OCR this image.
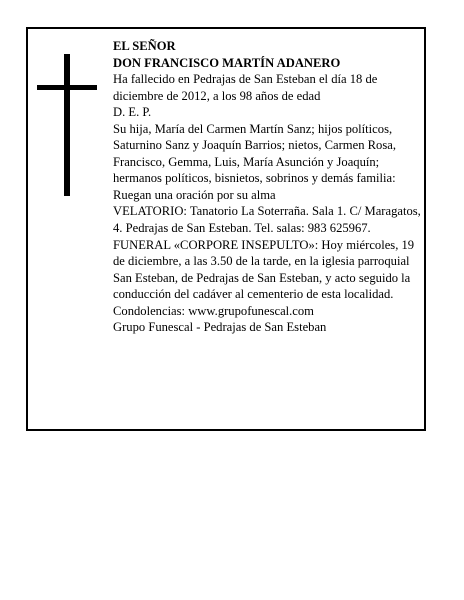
EL SEÑOR
DON FRANCISCO MARTÍN ADANERO
Ha fallecido en Pedrajas de San Esteban el día 18 de diciembre de 2012, a los 98 años de edad
D. E. P.
Su hija, María del Carmen Martín Sanz; hijos políticos, Saturnino Sanz y Joaquín Barrios; nietos, Carmen Rosa, Francisco, Gemma, Luis, María Asunción y Joaquín; hermanos políticos, bisnietos, sobrinos y demás familia:
Ruegan una oración por su alma
VELATORIO: Tanatorio La Soterraña. Sala 1. C/ Maragatos, 4. Pedrajas de San Esteban. Tel. salas: 983 625967.
FUNERAL «CORPORE INSEPULTO»: Hoy miércoles, 19 de diciembre, a las 3.50 de la tarde, en la iglesia parroquial San Esteban, de Pedrajas de San Esteban, y acto seguido la conducción del cadáver al cementerio de esta localidad.
Condolencias: www.grupofunescal.com
Grupo Funescal - Pedrajas de San Esteban
